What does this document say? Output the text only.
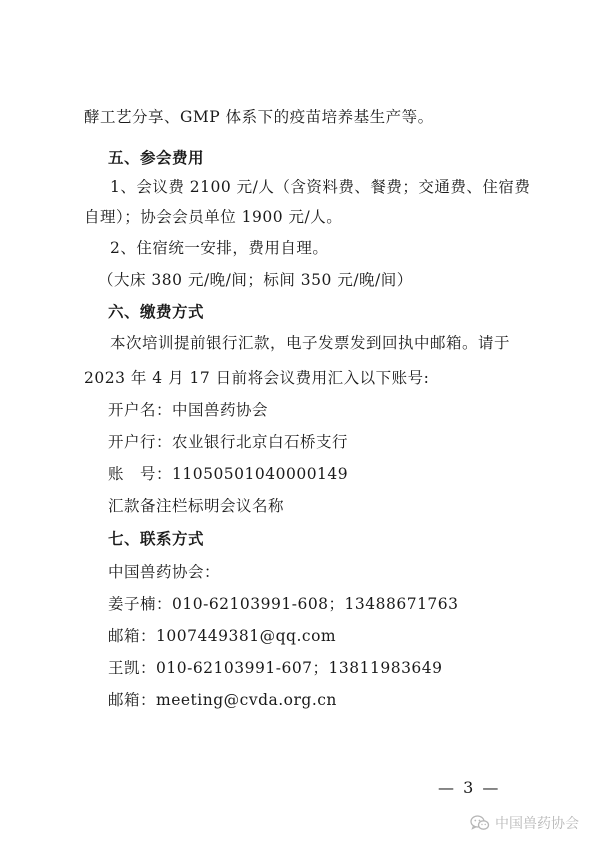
酵工艺分享、GMP 体系下的疫苗培养基生产等。
五、参会费用
1、会议费 2100 元/人（含资料费、餐费；交通费、住宿费
自理）；协会会员单位 1900 元/人。
2、住宿统一安排，费用自理。
（大床 380 元/晚/间；标间 350 元/晚/间）
六、缴费方式
本次培训提前银行汇款，电子发票发到回执中邮箱。请于
2023 年 4 月 17 日前将会议费用汇入以下账号:
开户名：中国兽药协会
开户行：农业银行北京白石桥支行
账　号：11050501040000149
汇款备注栏标明会议名称
七、联系方式
中国兽药协会：
姜子楠：010-62103991-608；13488671763
邮箱：1007449381@qq.com
王凯：010-62103991-607；13811983649
邮箱：meeting@cvda.org.cn
— 3 —
中国兽药协会
